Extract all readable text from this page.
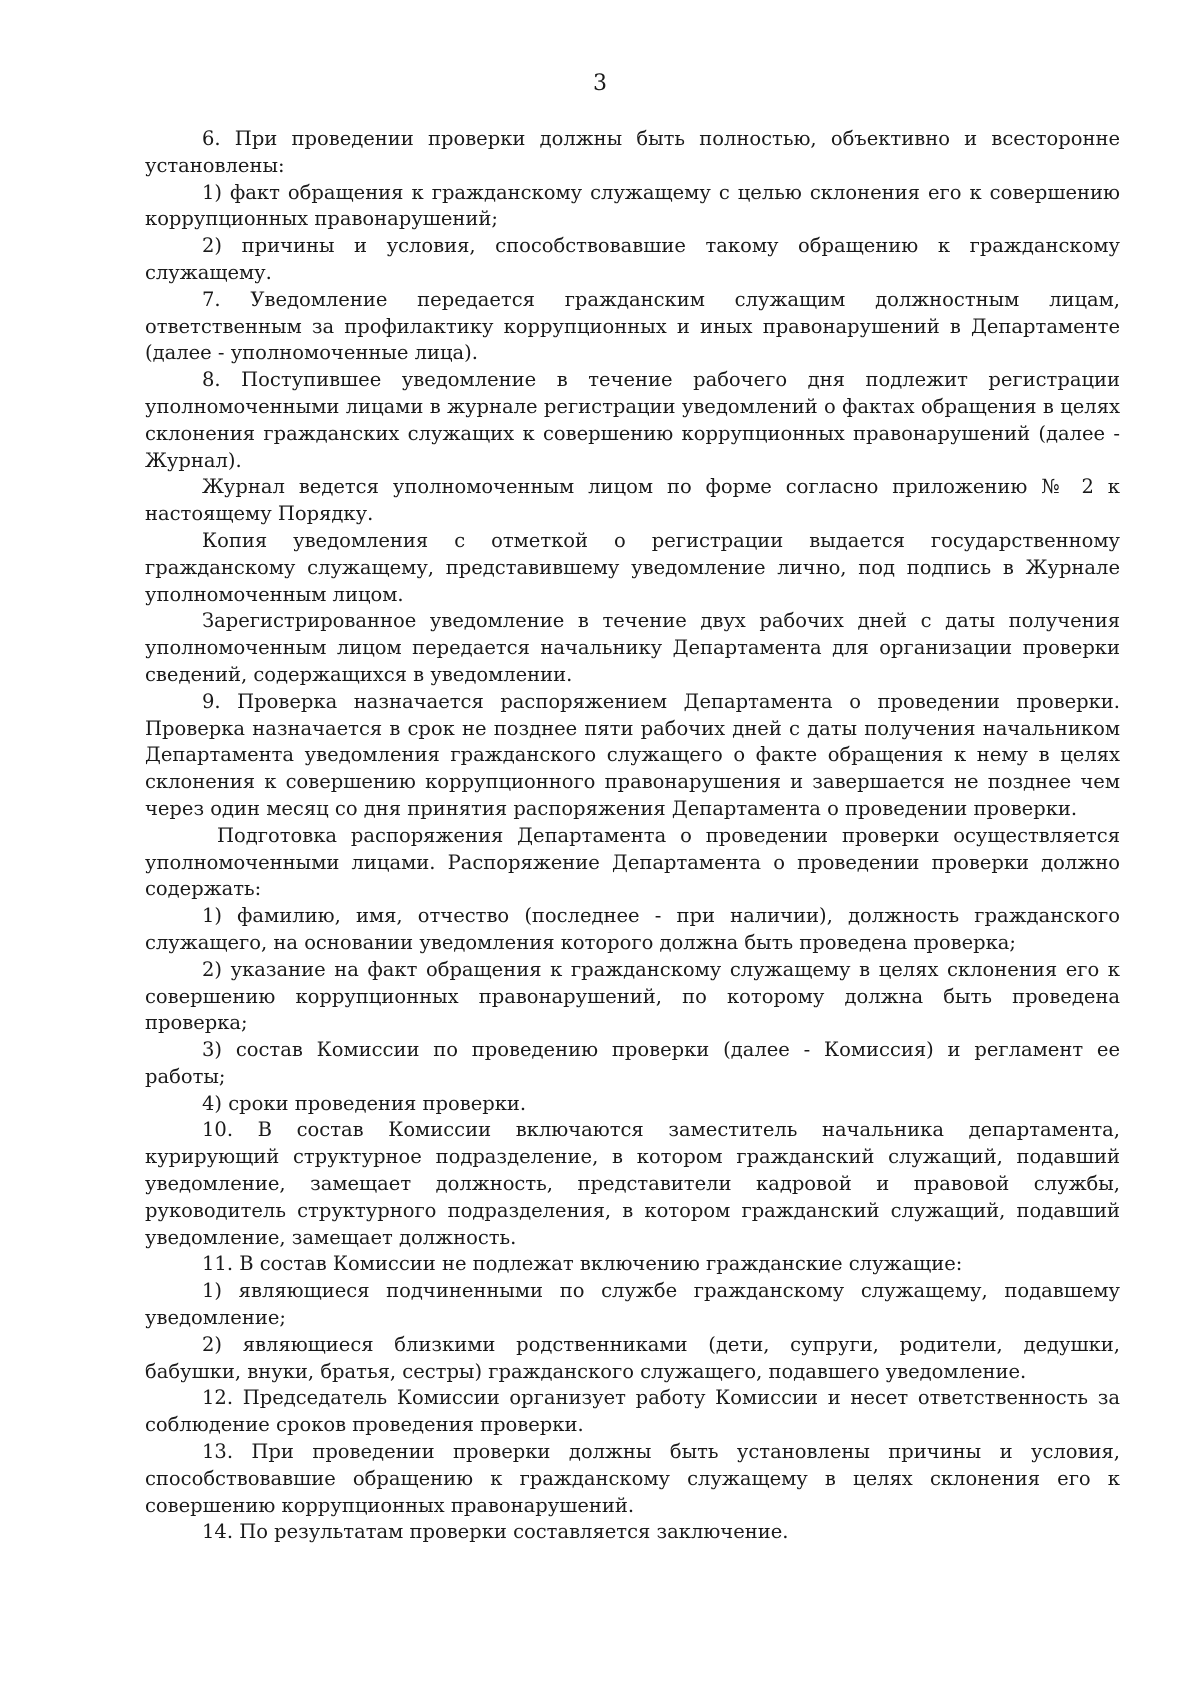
3

6. При проведении проверки должны быть полностью, объективно и всесторонне установлены:

1) факт обращения к гражданскому служащему с целью склонения его к совершению коррупционных правонарушений;

2) причины и условия, способствовавшие такому обращению к гражданскому служащему.

7. Уведомление передается гражданским служащим должностным лицам, ответственным за профилактику коррупционных и иных правонарушений в Департаменте (далее - уполномоченные лица).

8. Поступившее уведомление в течение рабочего дня подлежит регистрации уполномоченными лицами в журнале регистрации уведомлений о фактах обращения в целях склонения гражданских служащих к совершению коррупционных правонарушений (далее - Журнал).

Журнал ведется уполномоченным лицом по форме согласно приложению № 2 к настоящему Порядку.

Копия уведомления с отметкой о регистрации выдается государственному гражданскому служащему, представившему уведомление лично, под подпись в Журнале уполномоченным лицом.

Зарегистрированное уведомление в течение двух рабочих дней с даты получения уполномоченным лицом передается начальнику Департамента для организации проверки сведений, содержащихся в уведомлении.

9. Проверка назначается распоряжением Департамента о проведении проверки. Проверка назначается в срок не позднее пяти рабочих дней с даты получения начальником Департамента уведомления гражданского служащего о факте обращения к нему в целях склонения к совершению коррупционного правонарушения и завершается не позднее чем через один месяц со дня принятия распоряжения Департамента о проведении проверки.

Подготовка распоряжения Департамента о проведении проверки осуществляется уполномоченными лицами. Распоряжение Департамента о проведении проверки должно содержать:

1) фамилию, имя, отчество (последнее - при наличии), должность гражданского служащего, на основании уведомления которого должна быть проведена проверка;

2) указание на факт обращения к гражданскому служащему в целях склонения его к совершению коррупционных правонарушений, по которому должна быть проведена проверка;

3) состав Комиссии по проведению проверки (далее - Комиссия) и регламент ее работы;

4) сроки проведения проверки.

10. В состав Комиссии включаются заместитель начальника департамента, курирующий структурное подразделение, в котором гражданский служащий, подавший уведомление, замещает должность, представители кадровой и правовой службы, руководитель структурного подразделения, в котором гражданский служащий, подавший уведомление, замещает должность.

11. В состав Комиссии не подлежат включению гражданские служащие:

1) являющиеся подчиненными по службе гражданскому служащему, подавшему уведомление;

2) являющиеся близкими родственниками (дети, супруги, родители, дедушки, бабушки, внуки, братья, сестры) гражданского служащего, подавшего уведомление.

12. Председатель Комиссии организует работу Комиссии и несет ответственность за соблюдение сроков проведения проверки.

13. При проведении проверки должны быть установлены причины и условия, способствовавшие обращению к гражданскому служащему в целях склонения его к совершению коррупционных правонарушений.

14. По результатам проверки составляется заключение.
